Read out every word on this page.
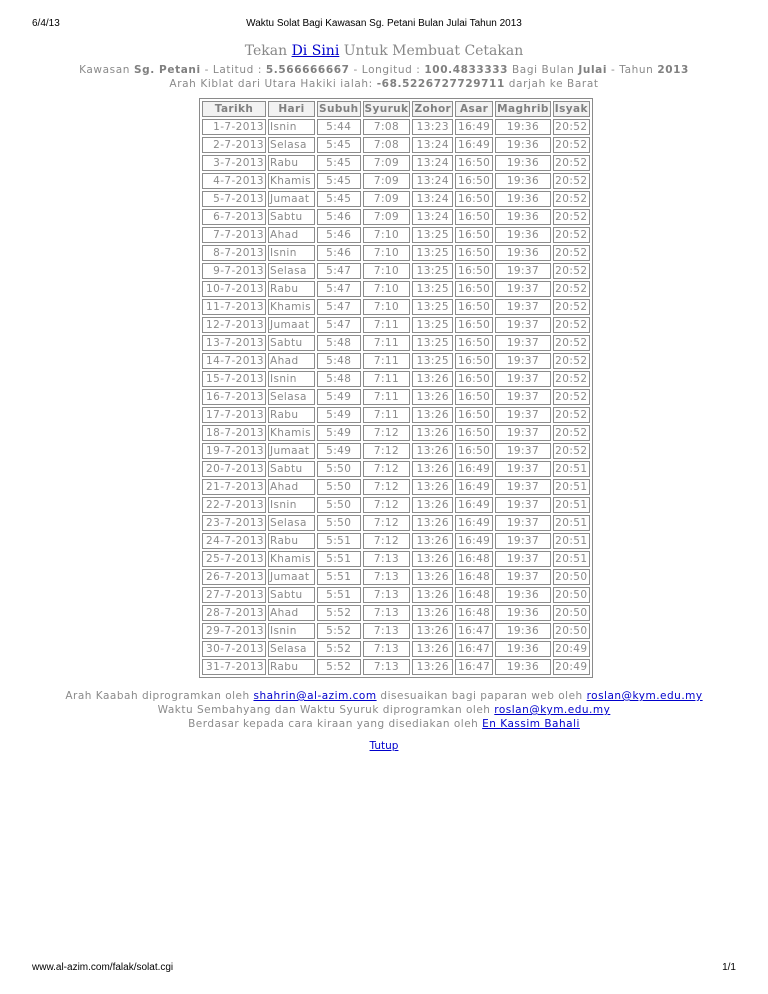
6/4/13	Waktu Solat Bagi Kawasan Sg. Petani Bulan Julai Tahun 2013
Tekan Di Sini Untuk Membuat Cetakan
Kawasan Sg. Petani - Latitud : 5.566666667 - Longitud : 100.4833333 Bagi Bulan Julai - Tahun 2013
Arah Kiblat dari Utara Hakiki ialah: -68.5226727729711 darjah ke Barat
Tarikh	Hari	Subuh	Syuruk	Zohor	Asar	Maghrib	Isyak
1-7-2013	Isnin	5:44	7:08	13:23	16:49	19:36	20:52
2-7-2013	Selasa	5:45	7:08	13:24	16:49	19:36	20:52
3-7-2013	Rabu	5:45	7:09	13:24	16:50	19:36	20:52
4-7-2013	Khamis	5:45	7:09	13:24	16:50	19:36	20:52
5-7-2013	Jumaat	5:45	7:09	13:24	16:50	19:36	20:52
6-7-2013	Sabtu	5:46	7:09	13:24	16:50	19:36	20:52
7-7-2013	Ahad	5:46	7:10	13:25	16:50	19:36	20:52
8-7-2013	Isnin	5:46	7:10	13:25	16:50	19:36	20:52
9-7-2013	Selasa	5:47	7:10	13:25	16:50	19:37	20:52
10-7-2013	Rabu	5:47	7:10	13:25	16:50	19:37	20:52
11-7-2013	Khamis	5:47	7:10	13:25	16:50	19:37	20:52
12-7-2013	Jumaat	5:47	7:11	13:25	16:50	19:37	20:52
13-7-2013	Sabtu	5:48	7:11	13:25	16:50	19:37	20:52
14-7-2013	Ahad	5:48	7:11	13:25	16:50	19:37	20:52
15-7-2013	Isnin	5:48	7:11	13:26	16:50	19:37	20:52
16-7-2013	Selasa	5:49	7:11	13:26	16:50	19:37	20:52
17-7-2013	Rabu	5:49	7:11	13:26	16:50	19:37	20:52
18-7-2013	Khamis	5:49	7:12	13:26	16:50	19:37	20:52
19-7-2013	Jumaat	5:49	7:12	13:26	16:50	19:37	20:52
20-7-2013	Sabtu	5:50	7:12	13:26	16:49	19:37	20:51
21-7-2013	Ahad	5:50	7:12	13:26	16:49	19:37	20:51
22-7-2013	Isnin	5:50	7:12	13:26	16:49	19:37	20:51
23-7-2013	Selasa	5:50	7:12	13:26	16:49	19:37	20:51
24-7-2013	Rabu	5:51	7:12	13:26	16:49	19:37	20:51
25-7-2013	Khamis	5:51	7:13	13:26	16:48	19:37	20:51
26-7-2013	Jumaat	5:51	7:13	13:26	16:48	19:37	20:50
27-7-2013	Sabtu	5:51	7:13	13:26	16:48	19:36	20:50
28-7-2013	Ahad	5:52	7:13	13:26	16:48	19:36	20:50
29-7-2013	Isnin	5:52	7:13	13:26	16:47	19:36	20:50
30-7-2013	Selasa	5:52	7:13	13:26	16:47	19:36	20:49
31-7-2013	Rabu	5:52	7:13	13:26	16:47	19:36	20:49
Arah Kaabah diprogramkan oleh shahrin@al-azim.com disesuaikan bagi paparan web oleh roslan@kym.edu.my
Waktu Sembahyang dan Waktu Syuruk diprogramkan oleh roslan@kym.edu.my
Berdasar kepada cara kiraan yang disediakan oleh En Kassim Bahali
Tutup
www.al-azim.com/falak/solat.cgi	1/1
